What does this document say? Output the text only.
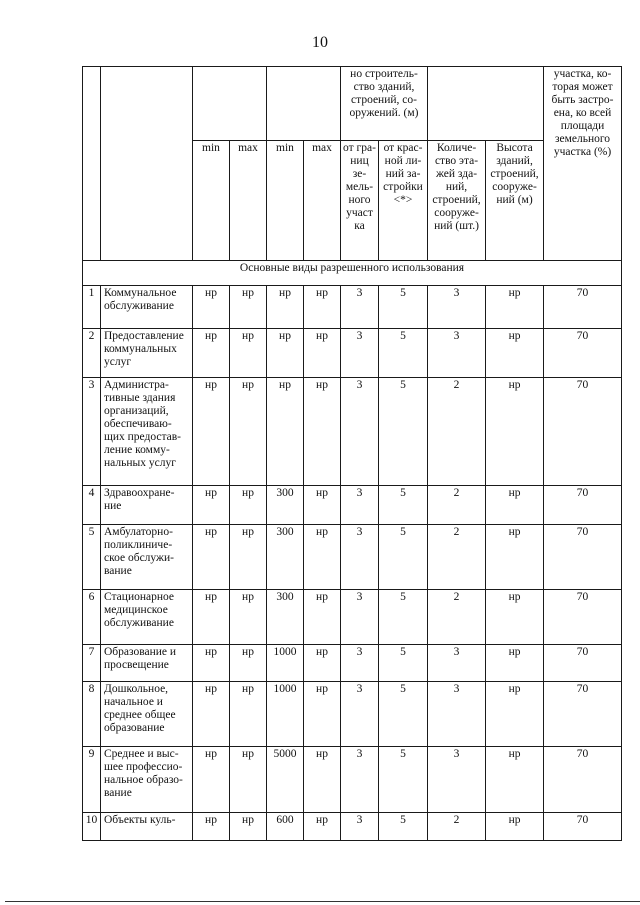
10
						но строитель-ство зданий, строений, со-оружений. (м)				участка, ко-торая может быть застро-ена, ко всей площади земельного участка (%)
		min	max	min	max	от гра-ниц зе-мель-ного участ ка	от крас-ной ли-ний за-стройки <*>	Количе-ство эта-жей зда-ний, строений, сооруже-ний (шт.)	Высота зданий, строений, сооруже-ний (м)	
Основные виды разрешенного использования										
1	Коммунальное обслуживание	нр	нр	нр	нр	3	5	3	нр	70
2	Предоставление коммунальных услуг	нр	нр	нр	нр	3	5	3	нр	70
3	Администра-тивные здания организаций, обеспечиваю-щих предостав-ление комму-нальных услуг	нр	нр	нр	нр	3	5	2	нр	70
4	Здравоохране-ние	нр	нр	300	нр	3	5	2	нр	70
5	Амбулаторно-поликлиниче-ское обслужи-вание	нр	нр	300	нр	3	5	2	нр	70
6	Стационарное медицинское обслуживание	нр	нр	300	нр	3	5	2	нр	70
7	Образование и просвещение	нр	нр	1000	нр	3	5	3	нр	70
8	Дошкольное, начальное и среднее общее образование	нр	нр	1000	нр	3	5	3	нр	70
9	Среднее и выс-шее профессио-нальное образо-вание	нр	нр	5000	нр	3	5	3	нр	70
10	Объекты куль-	нр	нр	600	нр	3	5	2	нр	70
